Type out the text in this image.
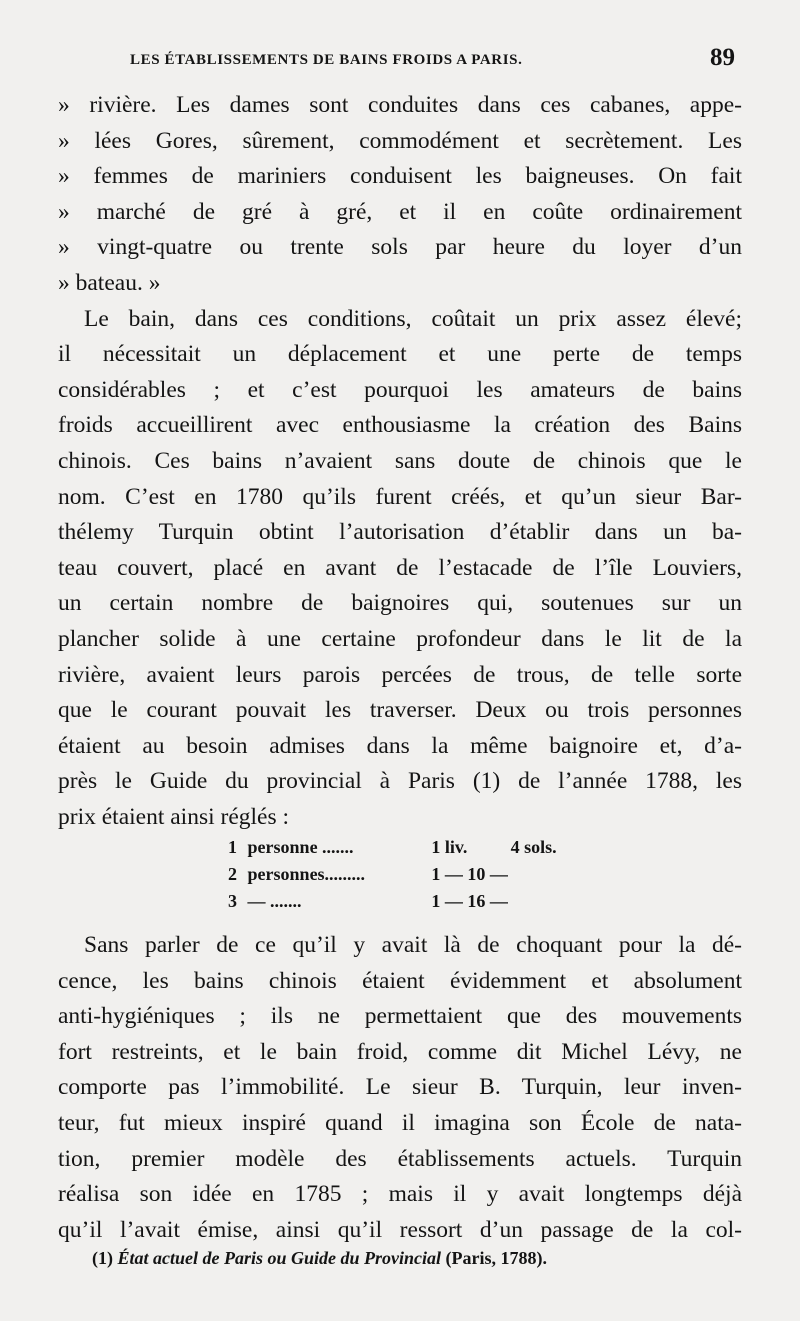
LES ÉTABLISSEMENTS DE BAINS FROIDS A PARIS.	89
» rivière. Les dames sont conduites dans ces cabanes, appe-
» lées Gores, sûrement, commodément et secrètement. Les
» femmes de mariniers conduisent les baigneuses. On fait
» marché de gré à gré, et il en coûte ordinairement
» vingt-quatre ou trente sols par heure du loyer d’un
» bateau. »
Le bain, dans ces conditions, coûtait un prix assez élevé;
il nécessitait un déplacement et une perte de temps
considérables ; et c’est pourquoi les amateurs de bains
froids accueillirent avec enthousiasme la création des Bains
chinois. Ces bains n’avaient sans doute de chinois que le
nom. C’est en 1780 qu’ils furent créés, et qu’un sieur Bar-
thélemy Turquin obtint l’autorisation d’établir dans un ba-
teau couvert, placé en avant de l’estacade de l’île Louviers,
un certain nombre de baignoires qui, soutenues sur un
plancher solide à une certaine profondeur dans le lit de la
rivière, avaient leurs parois percées de trous, de telle sorte
que le courant pouvait les traverser. Deux ou trois personnes
étaient au besoin admises dans la même baignoire et, d’a-
près le Guide du provincial à Paris (1) de l’année 1788, les
prix étaient ainsi réglés :
1 personne .......	1 liv.	4 sols.
2 personnes.........	1 — 10 —
3 — .......	1 — 16 —
Sans parler de ce qu’il y avait là de choquant pour la dé-
cence, les bains chinois étaient évidemment et absolument
anti-hygiéniques ; ils ne permettaient que des mouvements
fort restreints, et le bain froid, comme dit Michel Lévy, ne
comporte pas l’immobilité. Le sieur B. Turquin, leur inven-
teur, fut mieux inspiré quand il imagina son École de nata-
tion, premier modèle des établissements actuels. Turquin
réalisa son idée en 1785 ; mais il y avait longtemps déjà
qu’il l’avait émise, ainsi qu’il ressort d’un passage de la col-
(1) État actuel de Paris ou Guide du Provincial (Paris, 1788).
